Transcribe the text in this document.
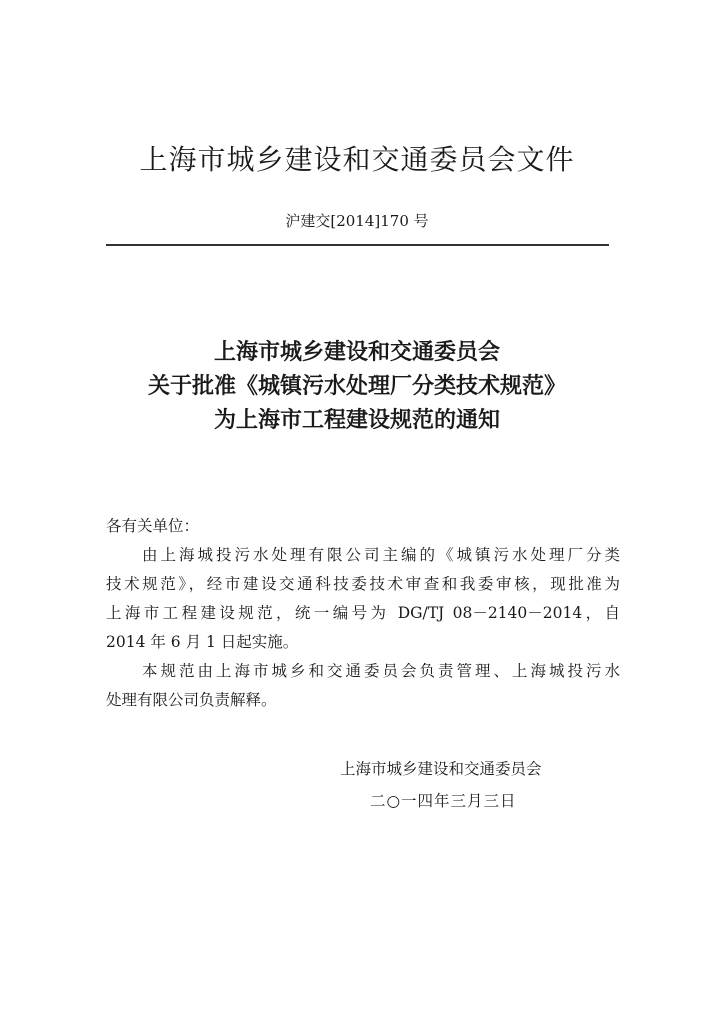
上海市城乡建设和交通委员会文件
沪建交[2014]170 号
上海市城乡建设和交通委员会
关于批准《城镇污水处理厂分类技术规范》
为上海市工程建设规范的通知
各有关单位：
由上海城投污水处理有限公司主编的《城镇污水处理厂分类
技术规范》，经市建设交通科技委技术审查和我委审核，现批准为
上海市工程建设规范，统一编号为 DG/TJ 08－2140－2014，自
2014 年 6 月 1 日起实施。
本规范由上海市城乡和交通委员会负责管理、上海城投污水
处理有限公司负责解释。
上海市城乡建设和交通委员会
二○一四年三月三日
